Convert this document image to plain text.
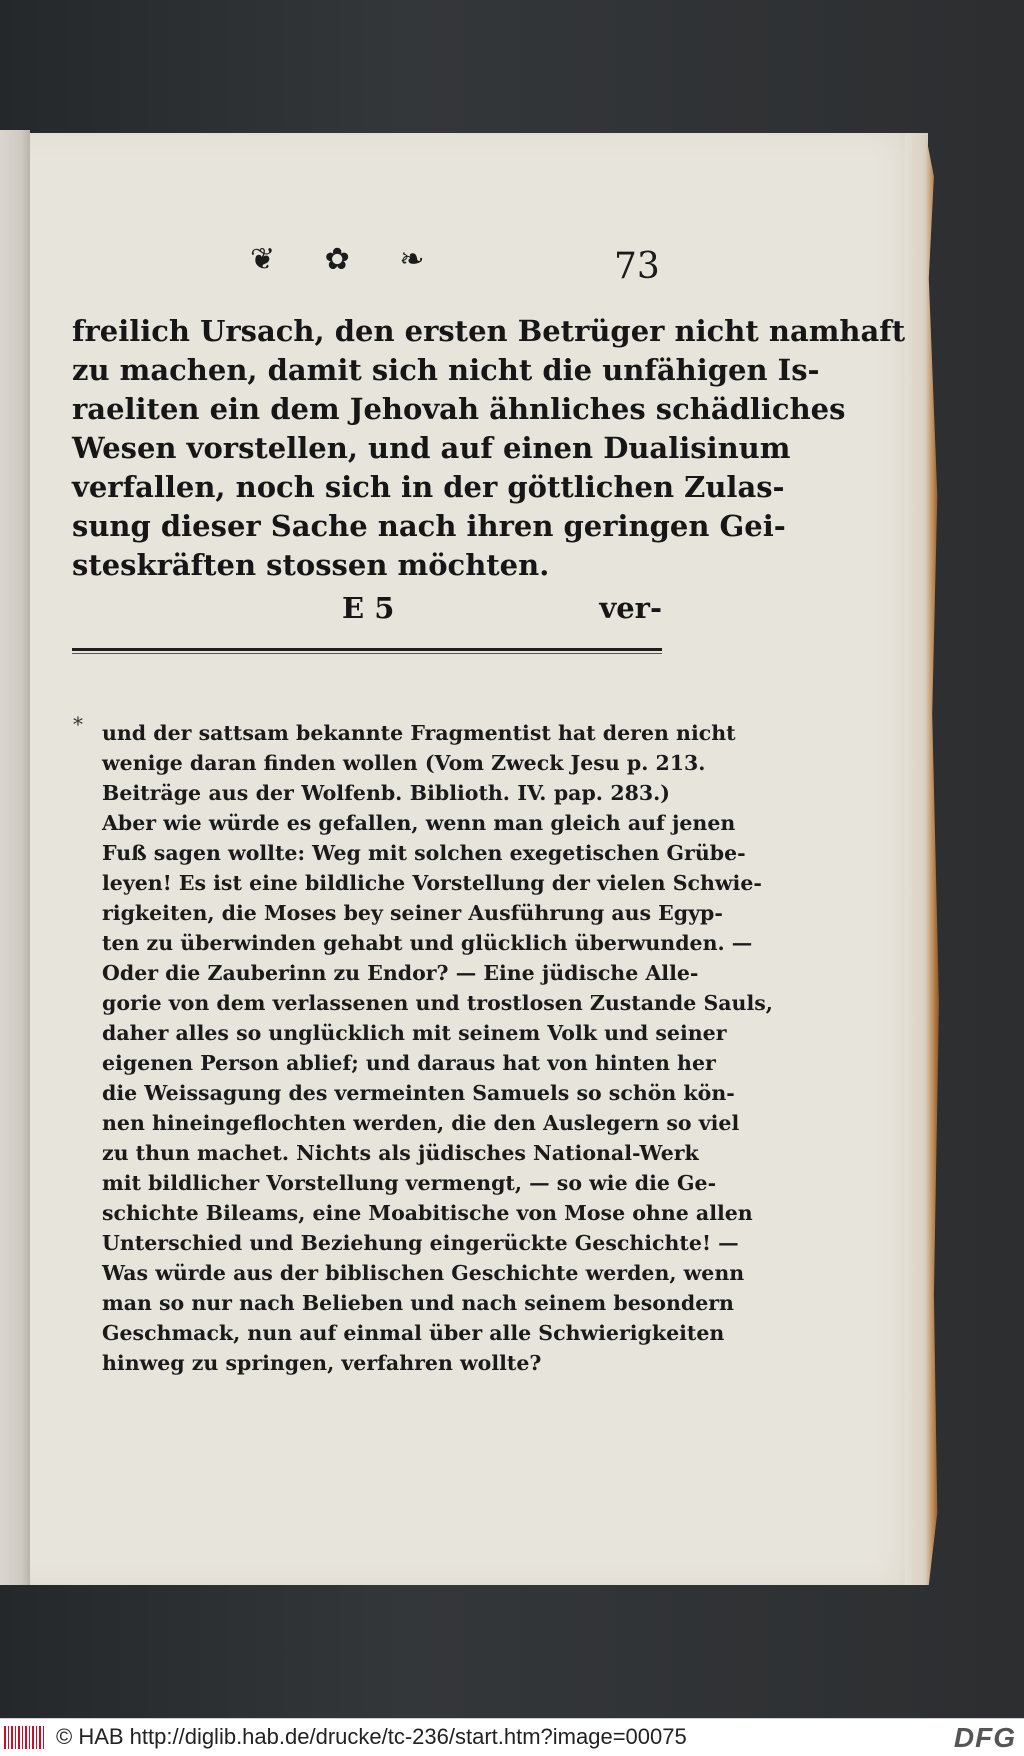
❦ ✿ ❧	73
freilich Ursach, den ersten Betrüger nicht namhaft
zu machen, damit sich nicht die unfähigen Is-
raeliten ein dem Jehovah ähnliches schädliches
Wesen vorstellen, und auf einen Dualisinum
verfallen, noch sich in der göttlichen Zulas-
sung dieser Sache nach ihren geringen Gei-
steskräften stossen möchten.
E 5	ver-
* und der sattsam bekannte Fragmentist hat deren nicht
wenige daran finden wollen (Vom Zweck Jesu p. 213.
Beiträge aus der Wolfenb. Biblioth. IV. pap. 283.)
Aber wie würde es gefallen, wenn man gleich auf jenen
Fuß sagen wollte: Weg mit solchen exegetischen Grübe-
leyen! Es ist eine bildliche Vorstellung der vielen Schwie-
rigkeiten, die Moses bey seiner Ausführung aus Egyp-
ten zu überwinden gehabt und glücklich überwunden. —
Oder die Zauberinn zu Endor? — Eine jüdische Alle-
gorie von dem verlassenen und trostlosen Zustande Sauls,
daher alles so unglücklich mit seinem Volk und seiner
eigenen Person ablief; und daraus hat von hinten her
die Weissagung des vermeinten Samuels so schön kön-
nen hineingeflochten werden, die den Auslegern so viel
zu thun machet. Nichts als jüdisches National-Werk
mit bildlicher Vorstellung vermengt, — so wie die Ge-
schichte Bileams, eine Moabitische von Mose ohne allen
Unterschied und Beziehung eingerückte Geschichte! —
Was würde aus der biblischen Geschichte werden, wenn
man so nur nach Belieben und nach seinem besondern
Geschmack, nun auf einmal über alle Schwierigkeiten
hinweg zu springen, verfahren wollte?
© HAB http://diglib.hab.de/drucke/tc-236/start.htm?image=00075	DFG
